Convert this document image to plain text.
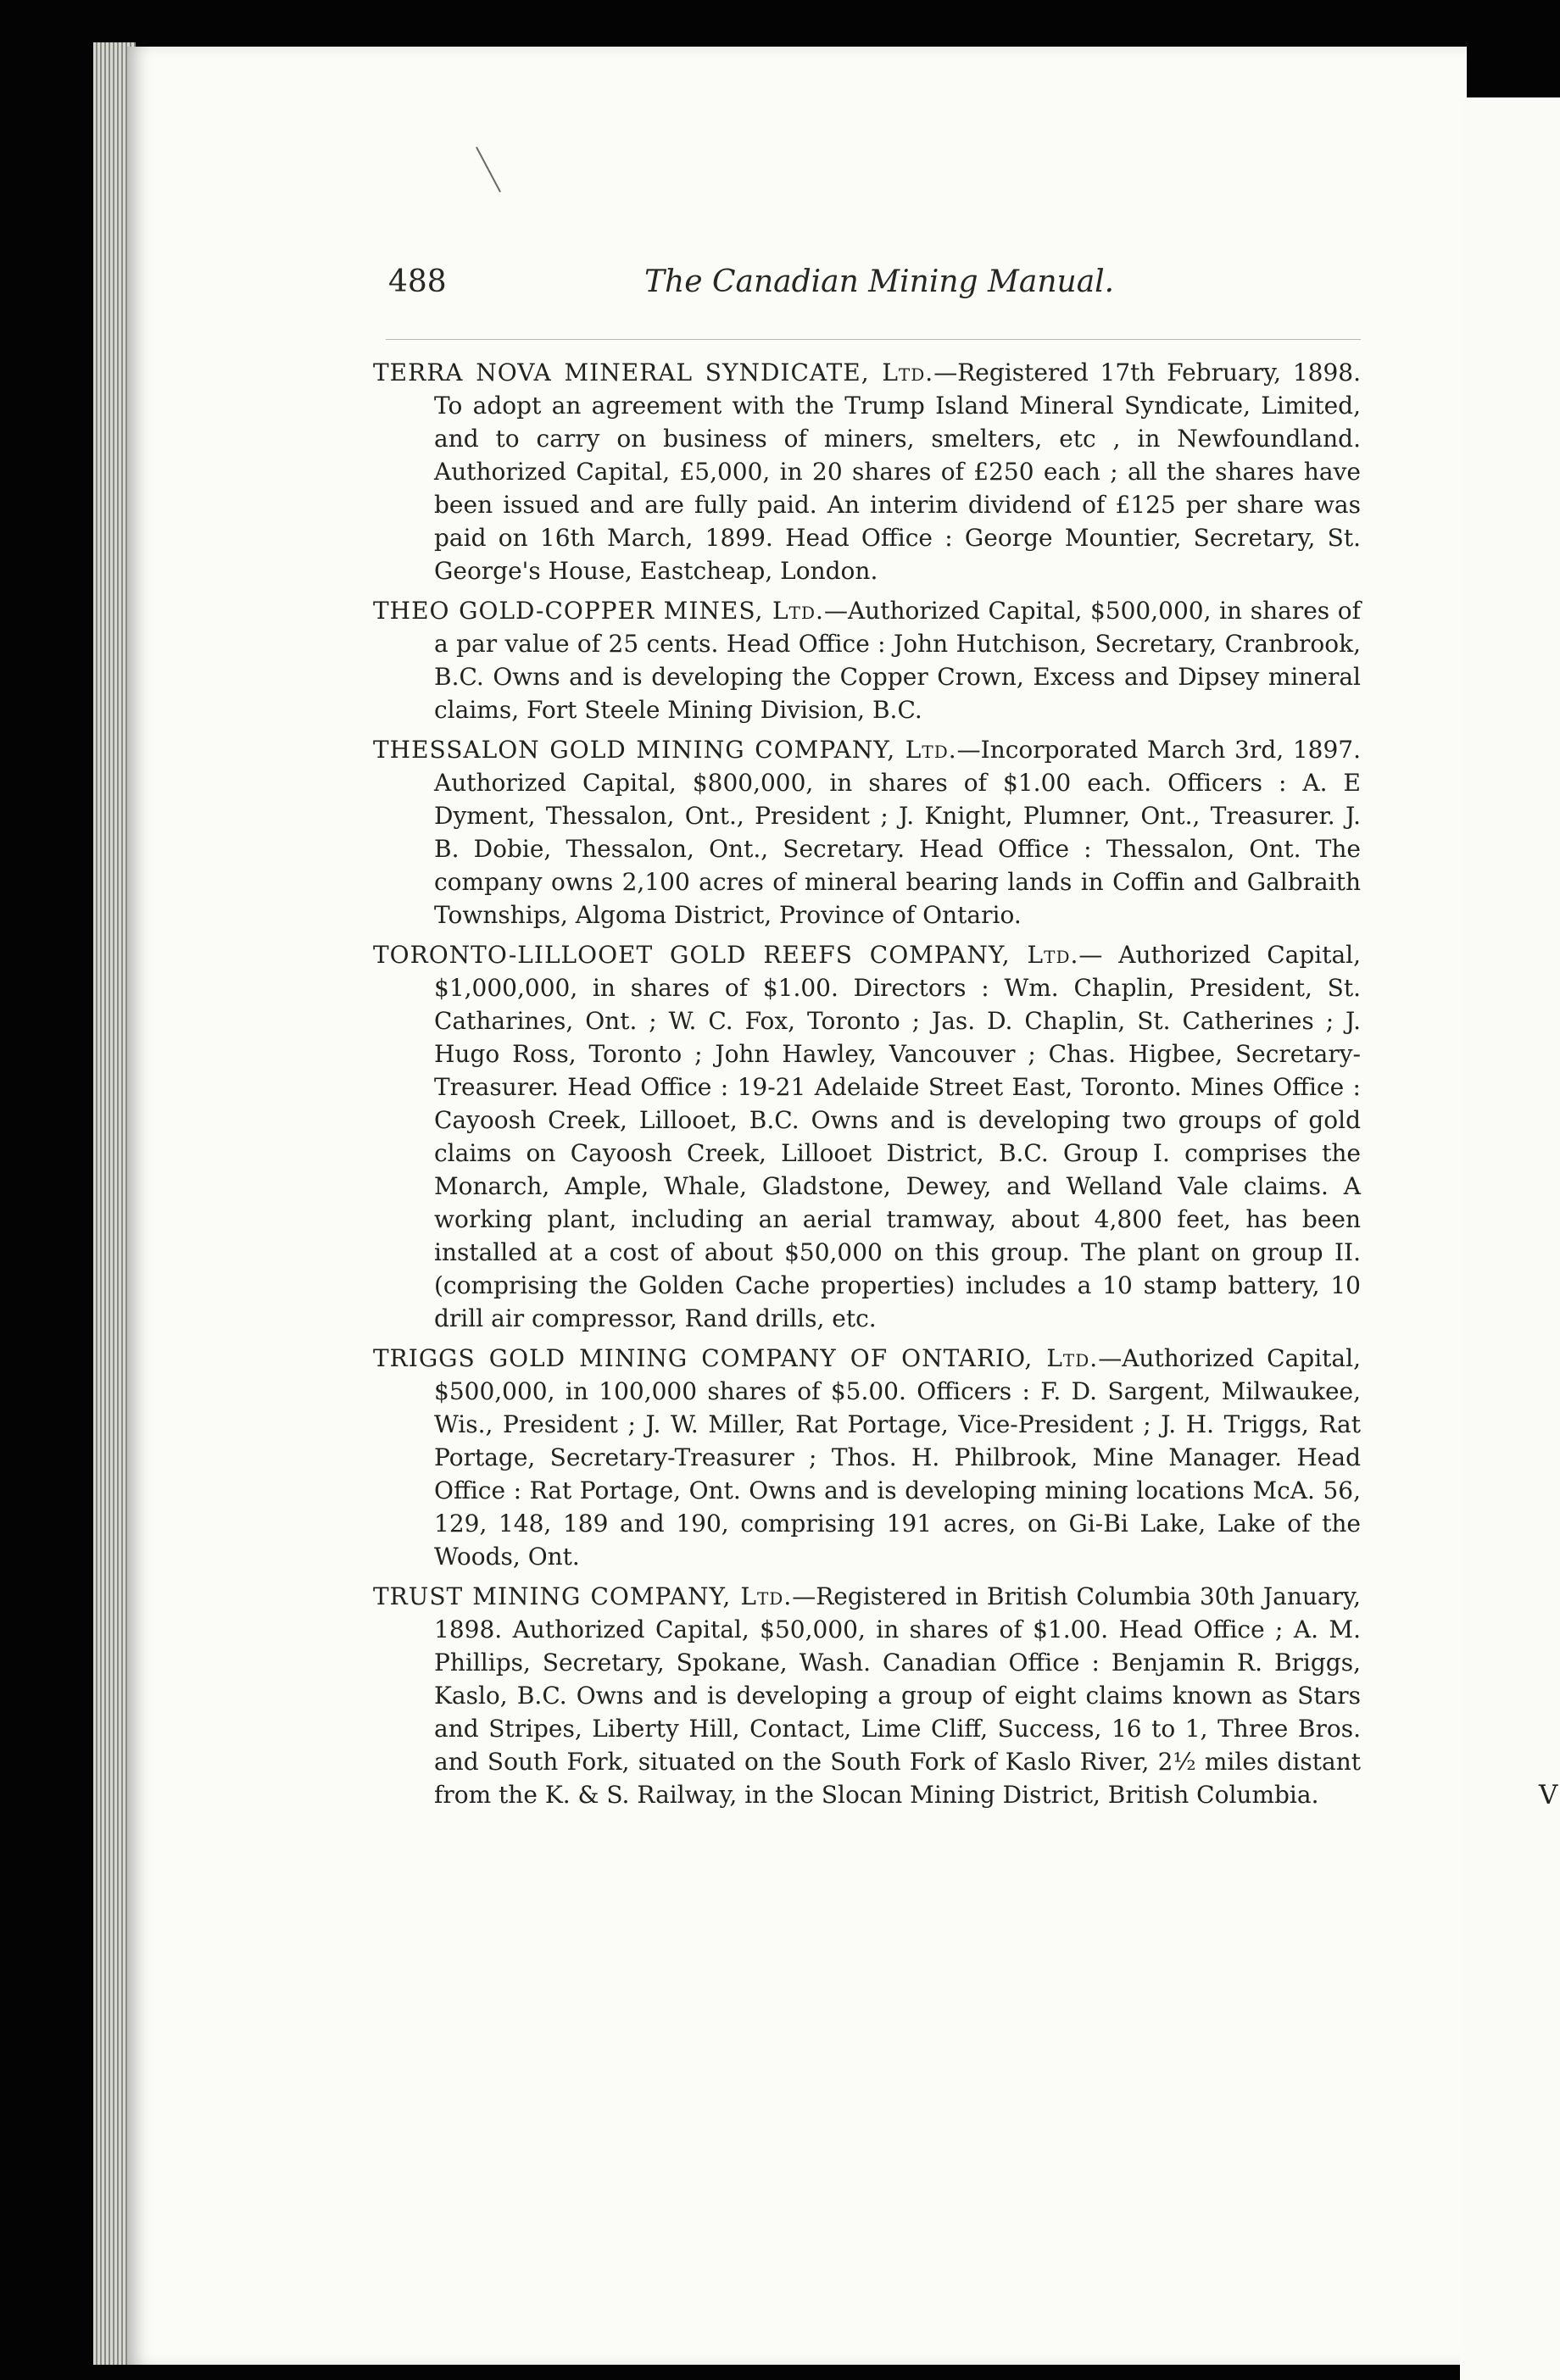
V
488	The Canadian Mining Manual.

TERRA NOVA MINERAL SYNDICATE, Ltd.—Registered 17th February, 1898. To adopt an agreement with the Trump Island Mineral Syndicate, Limited, and to carry on business of miners, smelters, etc , in Newfoundland. Authorized Capital, £5,000, in 20 shares of £250 each ; all the shares have been issued and are fully paid. An interim dividend of £125 per share was paid on 16th March, 1899. Head Office : George Mountier, Secretary, St. George's House, Eastcheap, London.

THEO GOLD-COPPER MINES, Ltd.—Authorized Capital, $500,000, in shares of a par value of 25 cents. Head Office : John Hutchison, Secretary, Cranbrook, B.C. Owns and is developing the Copper Crown, Excess and Dipsey mineral claims, Fort Steele Mining Division, B.C.

THESSALON GOLD MINING COMPANY, Ltd.—Incorporated March 3rd, 1897. Authorized Capital, $800,000, in shares of $1.00 each. Officers : A. E Dyment, Thessalon, Ont., President ; J. Knight, Plumner, Ont., Treasurer. J. B. Dobie, Thessalon, Ont., Secretary. Head Office : Thessalon, Ont. The company owns 2,100 acres of mineral bearing lands in Coffin and Galbraith Townships, Algoma District, Province of Ontario.

TORONTO-LILLOOET GOLD REEFS COMPANY, Ltd.— Authorized Capital, $1,000,000, in shares of $1.00. Directors : Wm. Chaplin, President, St. Catharines, Ont. ; W. C. Fox, Toronto ; Jas. D. Chaplin, St. Catherines ; J. Hugo Ross, Toronto ; John Hawley, Vancouver ; Chas. Higbee, Secretary-Treasurer. Head Office : 19-21 Adelaide Street East, Toronto. Mines Office : Cayoosh Creek, Lillooet, B.C. Owns and is developing two groups of gold claims on Cayoosh Creek, Lillooet District, B.C. Group I. comprises the Monarch, Ample, Whale, Gladstone, Dewey, and Welland Vale claims. A working plant, including an aerial tramway, about 4,800 feet, has been installed at a cost of about $50,000 on this group. The plant on group II. (comprising the Golden Cache properties) includes a 10 stamp battery, 10 drill air compressor, Rand drills, etc.

TRIGGS GOLD MINING COMPANY OF ONTARIO, Ltd.—Authorized Capital, $500,000, in 100,000 shares of $5.00. Officers : F. D. Sargent, Milwaukee, Wis., President ; J. W. Miller, Rat Portage, Vice-President ; J. H. Triggs, Rat Portage, Secretary-Treasurer ; Thos. H. Philbrook, Mine Manager. Head Office : Rat Portage, Ont. Owns and is developing mining locations McA. 56, 129, 148, 189 and 190, comprising 191 acres, on Gi-Bi Lake, Lake of the Woods, Ont.

TRUST MINING COMPANY, Ltd.—Registered in British Columbia 30th January, 1898. Authorized Capital, $50,000, in shares of $1.00. Head Office ; A. M. Phillips, Secretary, Spokane, Wash. Canadian Office : Benjamin R. Briggs, Kaslo, B.C. Owns and is developing a group of eight claims known as Stars and Stripes, Liberty Hill, Contact, Lime Cliff, Success, 16 to 1, Three Bros. and South Fork, situated on the South Fork of Kaslo River, 2½ miles distant from the K. & S. Railway, in the Slocan Mining District, British Columbia.
